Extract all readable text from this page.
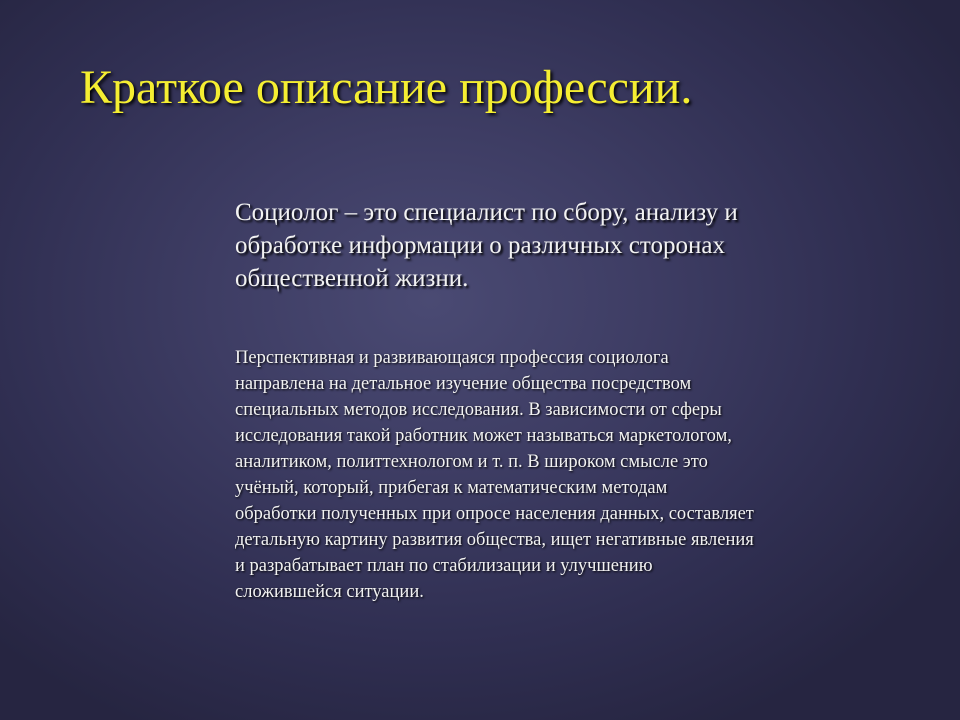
Краткое описание профессии.

Социолог – это специалист по сбору, анализу и
обработке информации о различных сторонах
общественной жизни.

Перспективная и развивающаяся профессия социолога
направлена на детальное изучение общества посредством
специальных методов исследования. В зависимости от сферы
исследования такой работник может называться маркетологом,
аналитиком, политтехнологом и т. п. В широком смысле это
учёный, который, прибегая к математическим методам
обработки полученных при опросе населения данных, составляет
детальную картину развития общества, ищет негативные явления
и разрабатывает план по стабилизации и улучшению
сложившейся ситуации.
